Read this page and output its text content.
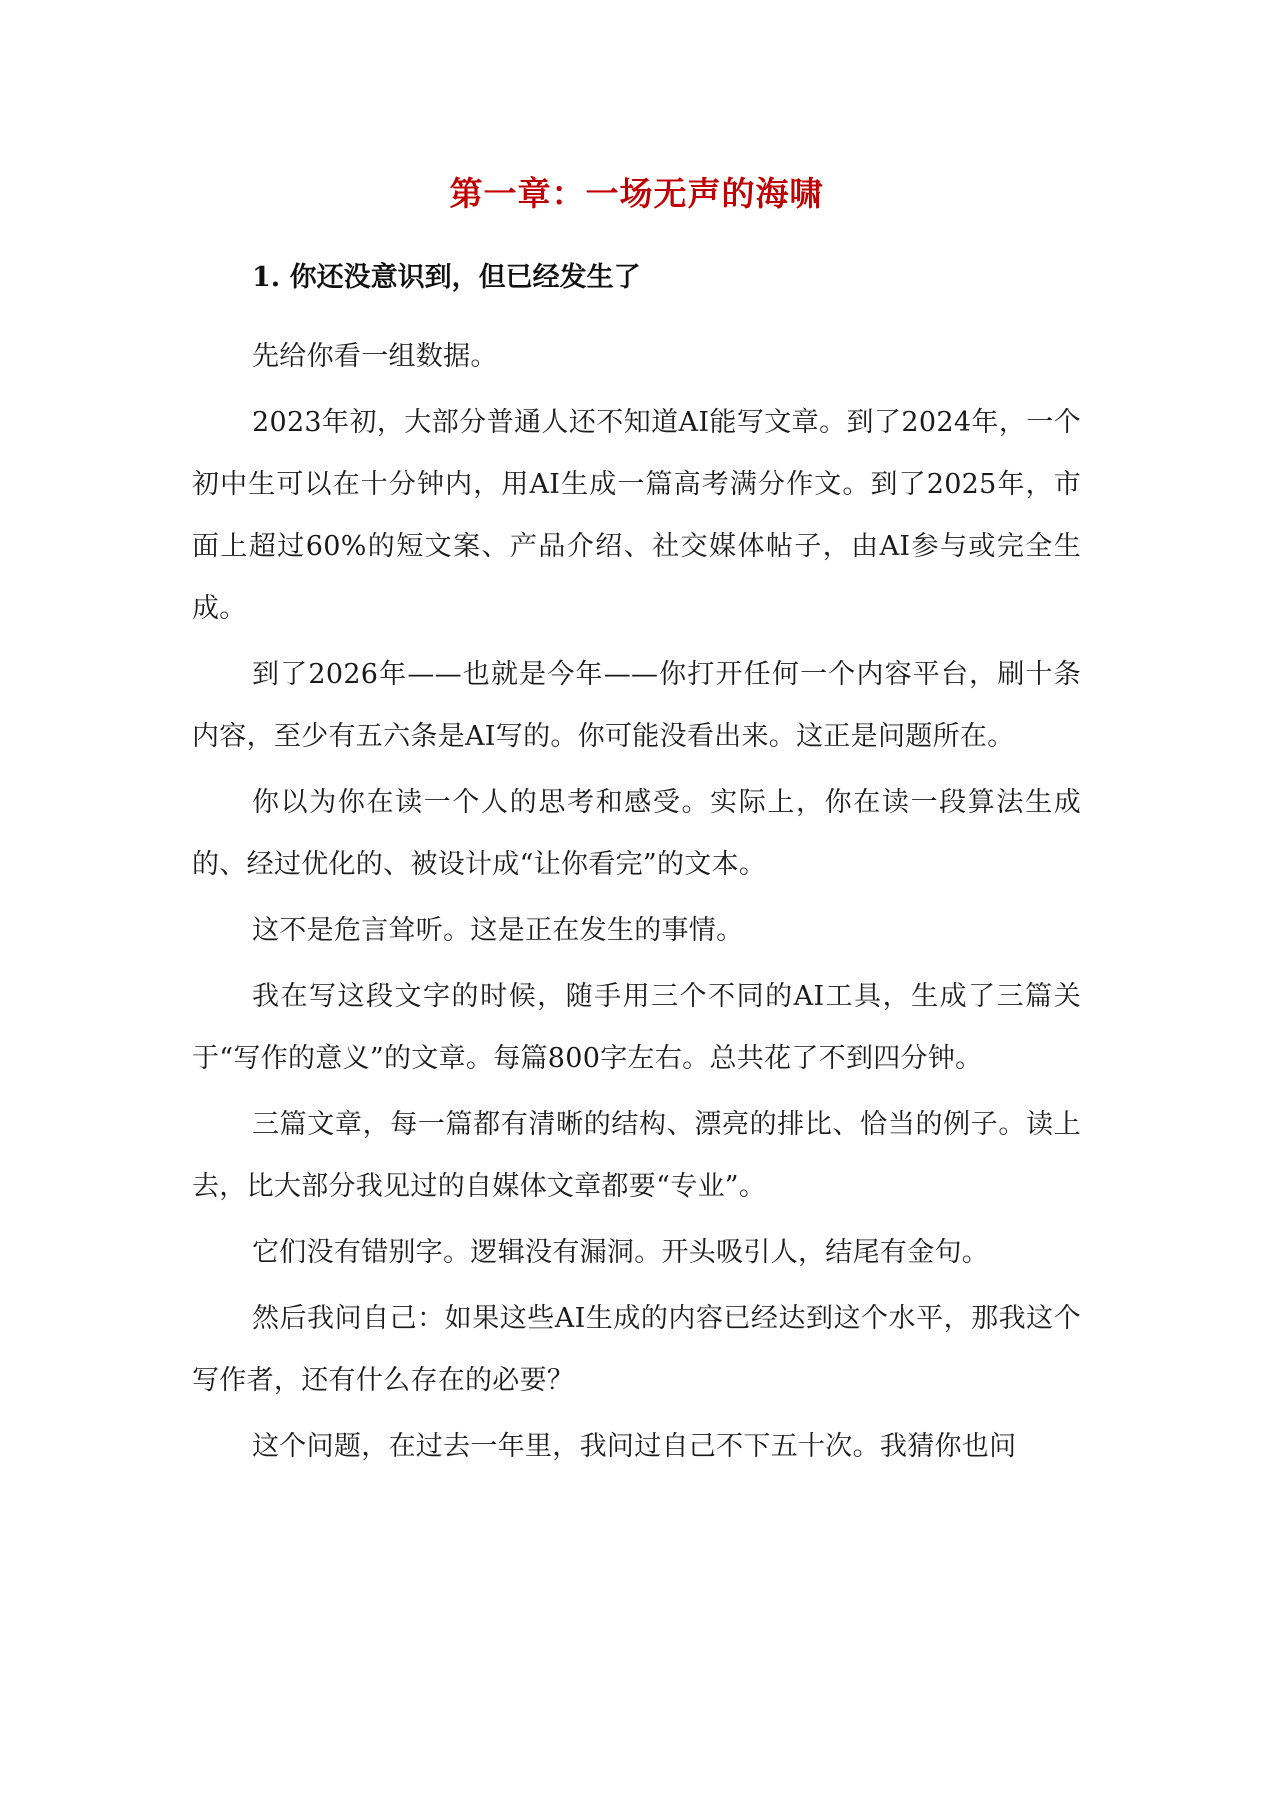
第一章：一场无声的海啸
1. 你还没意识到，但已经发生了

先给你看一组数据。

2023年初，大部分普通人还不知道AI能写文章。到了2024年，一个初中生可以在十分钟内，用AI生成一篇高考满分作文。到了2025年，市面上超过60%的短文案、产品介绍、社交媒体帖子，由AI参与或完全生成。

到了2026年——也就是今年——你打开任何一个内容平台，刷十条内容，至少有五六条是AI写的。你可能没看出来。这正是问题所在。

你以为你在读一个人的思考和感受。实际上，你在读一段算法生成的、经过优化的、被设计成“让你看完”的文本。

这不是危言耸听。这是正在发生的事情。

我在写这段文字的时候，随手用三个不同的AI工具，生成了三篇关于“写作的意义”的文章。每篇800字左右。总共花了不到四分钟。

三篇文章，每一篇都有清晰的结构、漂亮的排比、恰当的例子。读上去，比大部分我见过的自媒体文章都要“专业”。

它们没有错别字。逻辑没有漏洞。开头吸引人，结尾有金句。

然后我问自己：如果这些AI生成的内容已经达到这个水平，那我这个写作者，还有什么存在的必要？

这个问题，在过去一年里，我问过自己不下五十次。我猜你也问
